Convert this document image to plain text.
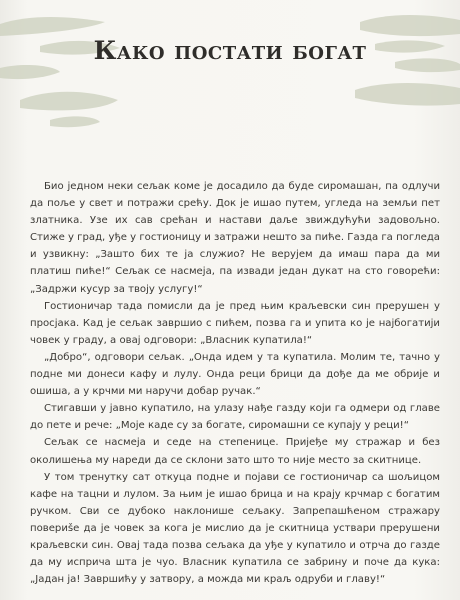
Како постати богат

Био једном неки сељак коме је досадило да буде сиромашан, па одлучи да поље у свет и потражи срећу. Док је ишао путем, угледа на земљи пет златника. Узе их сав срећан и настави даље звиждућући задовољно. Стиже у град, уђе у гостионицу и затражи нешто за пиће. Газда га погледа и узвикну: „Зашто бих те ја служио? Не верујем да имаш пара да ми платиш пиће!“ Сељак се насмеја, па извади један дукат на сто говорећи: „Задржи кусур за твоју услугу!“

Гостионичар тада помисли да је пред њим краљевски син прерушен у просјака. Кад је сељак завршио с пићем, позва га и упита ко је најбогатији човек у граду, а овај одговори: „Власник купатила!“

„Добро“, одговори сељак. „Онда идем у та купатила. Молим те, тачно у подне ми донеси кафу и лулу. Онда реци брици да дође да ме обрије и ошиша, а у крчми ми наручи добар ручак.“

Стигавши у јавно купатило, на улазу нађе газду који га одмери од главе до пете и рече: „Моје каде су за богате, сиромашни се купају у реци!“

Сељак се насмеја и седе на степенице. Пријеђе му стражар и без околишења му нареди да се склони зато што то није место за скитнице.

У том тренутку сат откуца подне и појави се гостионичар са шољицом кафе на тацни и лулом. За њим је ишао брица и на крају крчмар с богатим ручком. Сви се дубоко наклонише сељаку. Запрепашћеном стражару повериše да је човек за кога је мислио да је скитница уствари прерушени краљевски син. Овај тада позва сељака да уђе у купатило и отрча до газде да му исприча шта је чуо. Власник купатила се забрину и поче да кука: „Јадан ја! Завршићу у затвору, а можда ми краљ одруби и главу!“
